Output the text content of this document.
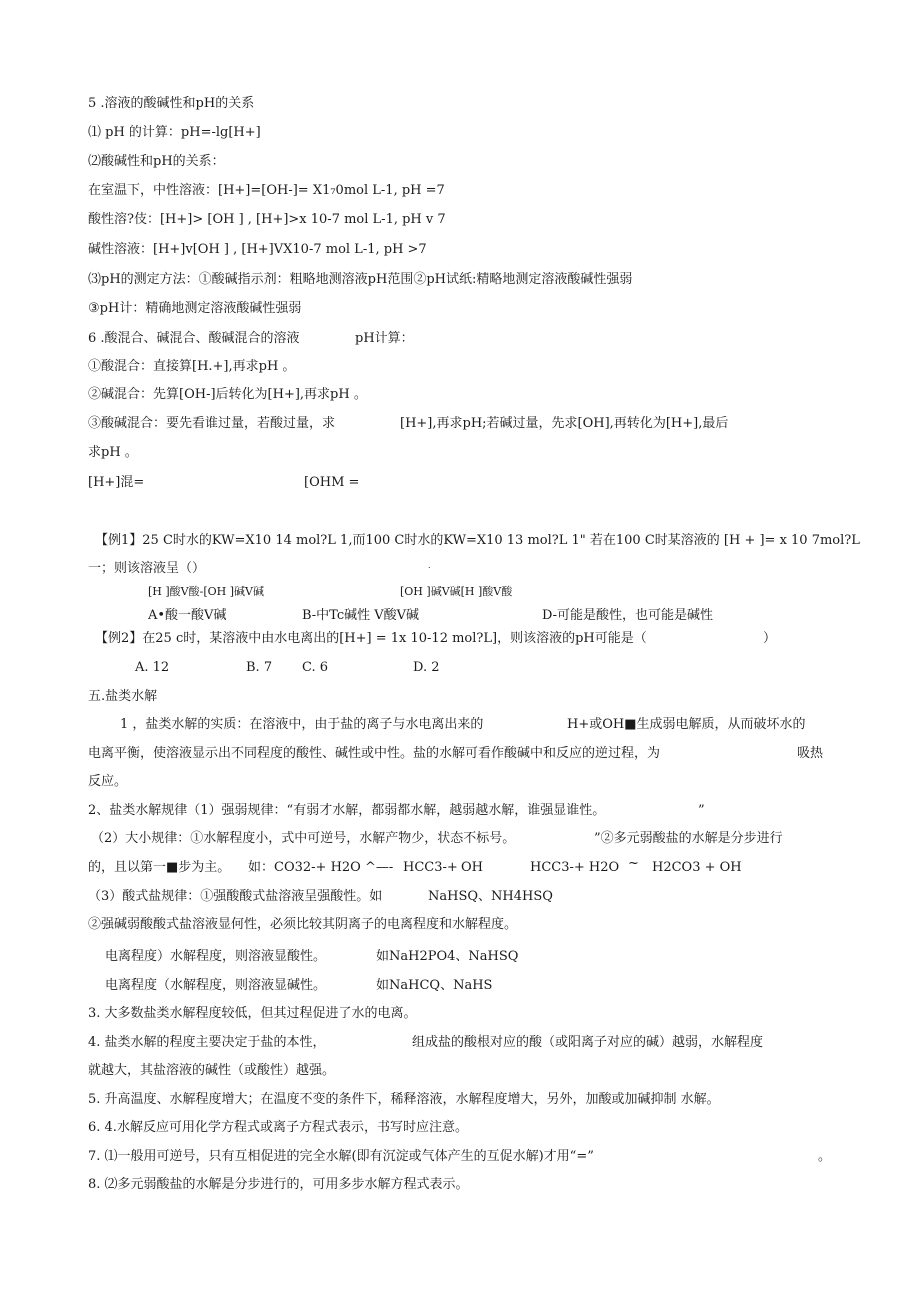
5 .溶液的酸碱性和pH的关系
⑴ pH 的计算：pH=-lg[H+]
⑵酸碱性和pH的关系：
在室温下，中性溶液：[H+]=[OH-]= X1₇0mol L-1, pH =7
酸性溶?伎：[H+]> [OH ] , [H+]>x 10-7 mol L-1, pH v 7
碱性溶液：[H+]v[OH ] , [H+]VX10-7 mol L-1, pH >7
⑶pH的测定方法：①酸碱指示剂：粗略地测溶液pH范围②pH试纸:精略地测定溶液酸碱性强弱
③pH计：精确地测定溶液酸碱性强弱
6 .酸混合、碱混合、酸碱混合的溶液	pH计算：
①酸混合：直接算[H.+],再求pH 。
②碱混合：先算[OH-]后转化为[H+],再求pH 。
③酸碱混合：要先看谁过量，若酸过量，求	[H+],再求pH;若碱过量，先求[OH],再转化为[H+],最后
求pH 。
[H+]混=	[OHM =
【例1】25 C时水的KW=X10 14 mol?L 1,而100 C时水的KW=X10 13 mol?L 1" 若在100 C时某溶液的 [H + ]= x 10 7mol?L
一；则该溶液呈（）	.
[H ]酸V酸-[OH ]碱V碱	[OH ]碱V碱[H ]酸V酸
A•酸一酸V碱	B-中Tc碱性 V酸V碱	D-可能是酸性，也可能是碱性
【例2】在25 c时，某溶液中由水电离出的[H+] = 1x 10-12 mol?L]，则该溶液的pH可能是（	）
A. 12	B. 7 C. 6	D. 2
五.盐类水解
1 ，盐类水解的实质：在溶液中，由于盐的离子与水电离出来的	H+或OH■生成弱电解质，从而破坏水的
电离平衡，使溶液显示出不同程度的酸性、碱性或中性。盐的水解可看作酸碱中和反应的逆过程，为	吸热
反应。
2、盐类水解规律（1）强弱规律：“有弱才水解，都弱都水解，越弱越水解，谁强显谁性。	”
（2）大小规律：①水解程度小，式中可逆号，水解产物少，状态不标号。	”②多元弱酸盐的水解是分步进行
的，且以第一■步为主。 如：CO32-+ H2O ^—- HCC3-+ OH	HCC3-+ H2O ~ H2CO3 + OH
（3）酸式盐规律：①强酸酸式盐溶液呈强酸性。如	NaHSQ、NH4HSQ
②强碱弱酸酸式盐溶液显何性，必须比较其阴离子的电离程度和水解程度。
电离程度）水解程度，则溶液显酸性。	如NaH2PO4、NaHSQ
电离程度（水解程度，则溶液显碱性。	如NaHCQ、NaHS
3. 大多数盐类水解程度较低，但其过程促进了水的电离。
4. 盐类水解的程度主要决定于盐的本性，	组成盐的酸根对应的酸（或阳离子对应的碱）越弱，水解程度
就越大，其盐溶液的碱性（或酸性）越强。
5. 升高温度、水解程度增大；在温度不变的条件下，稀释溶液，水解程度增大，另外，加酸或加碱抑制 水解。
6. 4.水解反应可用化学方程式或离子方程式表示，书写时应注意。
7. ⑴一般用可逆号，只有互相促进的完全水解(即有沉淀或气体产生的互促水解)才用“=”	。
8. ⑵多元弱酸盐的水解是分步进行的，可用多步水解方程式表示。
